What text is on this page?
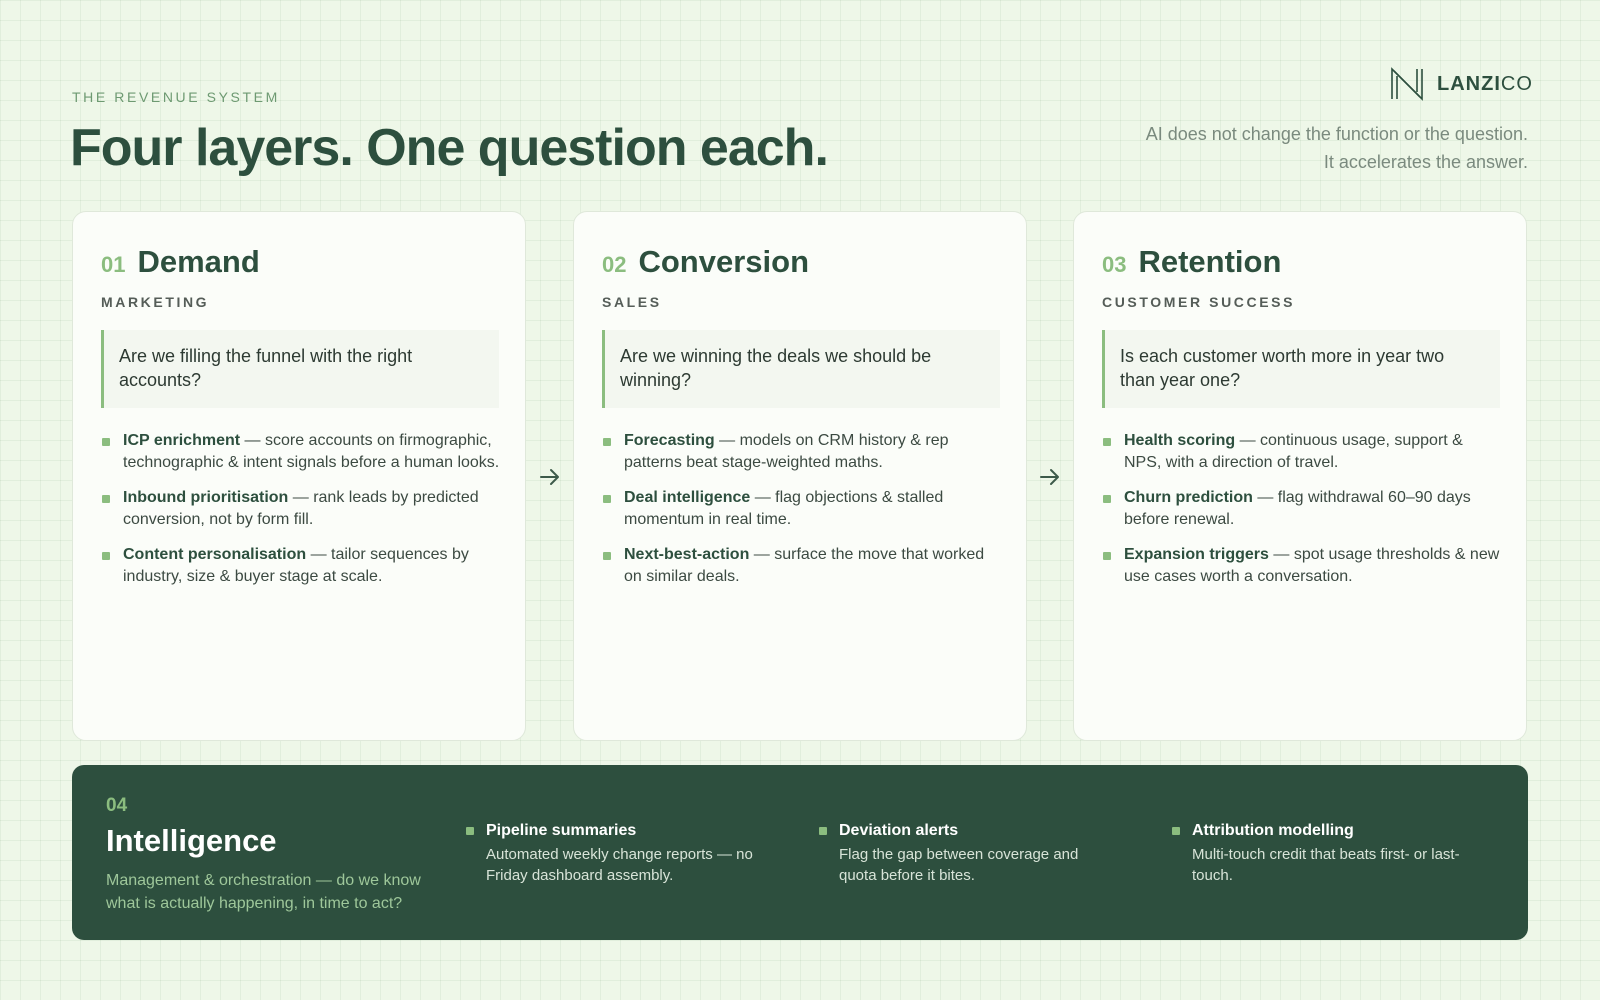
THE REVENUE SYSTEM
Four layers. One question each.
LANZICO
AI does not change the function or the question.
It accelerates the answer.
01 Demand
MARKETING
Are we filling the funnel with the right accounts?
ICP enrichment — score accounts on firmographic, technographic & intent signals before a human looks.
Inbound prioritisation — rank leads by predicted conversion, not by form fill.
Content personalisation — tailor sequences by industry, size & buyer stage at scale.
02 Conversion
SALES
Are we winning the deals we should be winning?
Forecasting — models on CRM history & rep patterns beat stage-weighted maths.
Deal intelligence — flag objections & stalled momentum in real time.
Next-best-action — surface the move that worked on similar deals.
03 Retention
CUSTOMER SUCCESS
Is each customer worth more in year two than year one?
Health scoring — continuous usage, support & NPS, with a direction of travel.
Churn prediction — flag withdrawal 60–90 days before renewal.
Expansion triggers — spot usage thresholds & new use cases worth a conversation.
04
Intelligence
Management & orchestration — do we know what is actually happening, in time to act?
Pipeline summaries
Automated weekly change reports — no Friday dashboard assembly.
Deviation alerts
Flag the gap between coverage and quota before it bites.
Attribution modelling
Multi-touch credit that beats first- or last-touch.
